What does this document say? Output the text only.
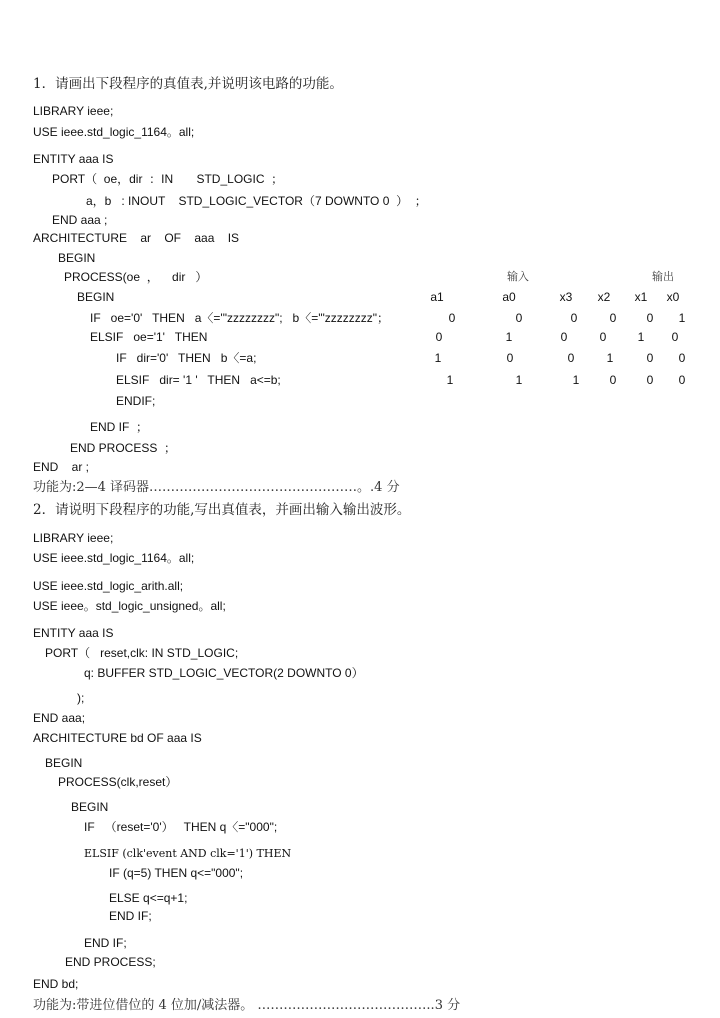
1．请画出下段程序的真值表,并说明该电路的功能。
LIBRARY ieee;
USE ieee.std_logic_1164。all;
ENTITY aaa IS
PORT（  oe，dir  ：IN       STD_LOGIC  ；
a，b   : INOUT    STD_LOGIC_VECTOR（7 DOWNTO 0  ）  ；
END aaa ;
ARCHITECTURE    ar    OF    aaa    IS
BEGIN
PROCESS(oe  ，    dir   ）
BEGIN
IF   oe='0'   THEN   a〈='"zzzzzzzz";   b〈='"zzzzzzzz"；
ELSIF   oe='1'   THEN
IF   dir='0'   THEN   b〈=a;
ELSIF   dir= '1 '   THEN   a<=b;
ENDIF;
END IF  ；
END PROCESS  ；
END    ar ;
输入	输出
a1	a0	x3	x2	x1	x0
0	0	0	0	0	1
0	1	0	0	1	0
1	0	0	1	0	0
1	1	1	0	0	0
功能为:2—4 译码器…………………………………………。.4 分
2．请说明下段程序的功能,写出真值表，并画出输入输出波形。
LIBRARY ieee;
USE ieee.std_logic_1164。all;
USE ieee.std_logic_arith.all;
USE ieee。std_logic_unsigned。all;
ENTITY aaa IS
PORT（   reset,clk: IN STD_LOGIC;
q: BUFFER STD_LOGIC_VECTOR(2 DOWNTO 0）
);
END aaa;
ARCHITECTURE bd OF aaa IS
BEGIN
PROCESS(clk,reset）
BEGIN
IF   （reset='0'）   THEN q〈="000";
ELSIF (clk'event AND clk='1') THEN
IF (q=5) THEN q<="000";
ELSE q<=q+1;
END IF;
END IF;
END PROCESS;
END bd;
功能为:带进位借位的 4 位加/减法器。 …………………………………..3 分
